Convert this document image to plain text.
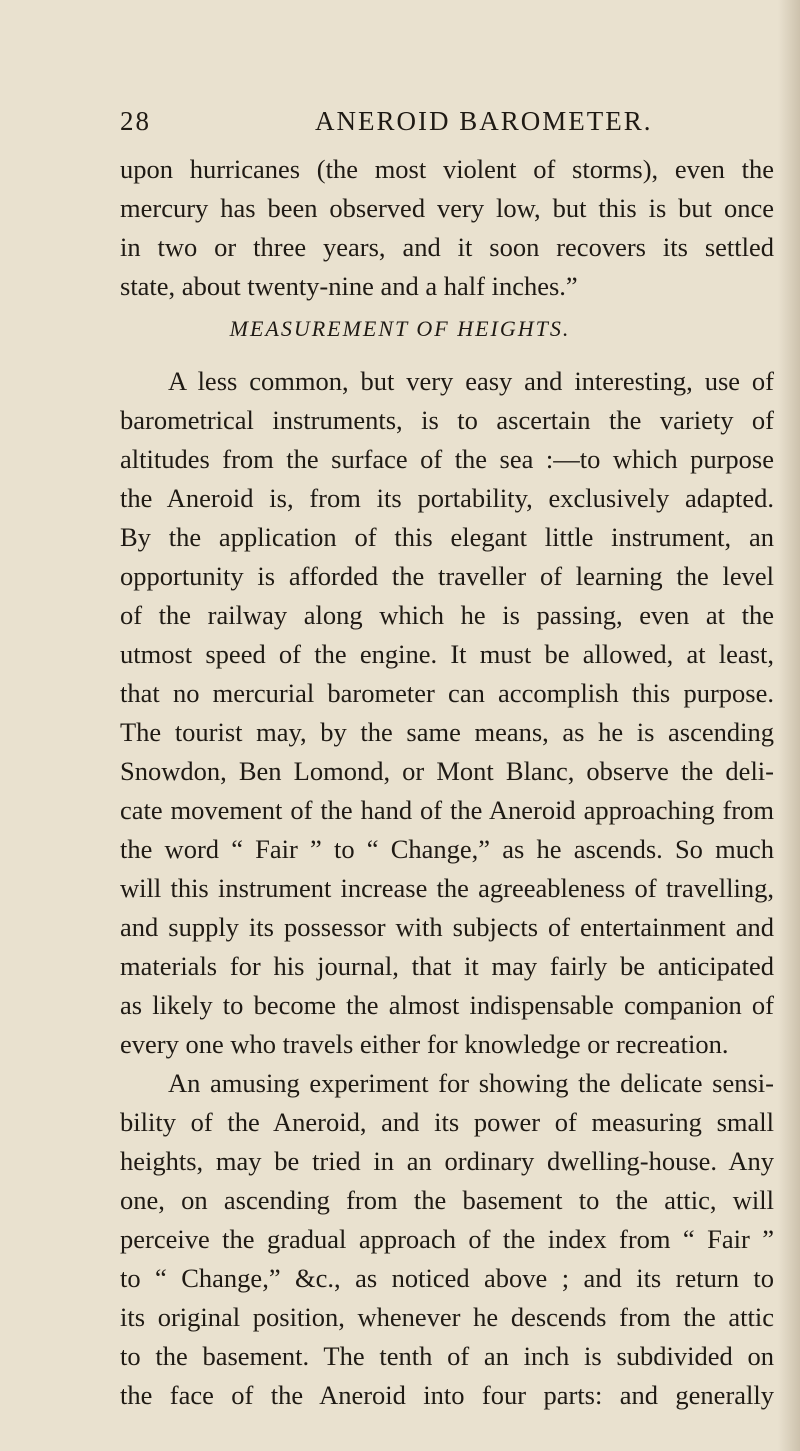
28	ANEROID BAROMETER.
upon hurricanes (the most violent of storms), even the
mercury has been observed very low, but this is but once
in two or three years, and it soon recovers its settled
state, about twenty-nine and a half inches.”
MEASUREMENT OF HEIGHTS.
A less common, but very easy and interesting, use of
barometrical instruments, is to ascertain the variety of
altitudes from the surface of the sea :—to which purpose
the Aneroid is, from its portability, exclusively adapted.
By the application of this elegant little instrument, an
opportunity is afforded the traveller of learning the level
of the railway along which he is passing, even at the
utmost speed of the engine. It must be allowed, at least,
that no mercurial barometer can accomplish this purpose.
The tourist may, by the same means, as he is ascending
Snowdon, Ben Lomond, or Mont Blanc, observe the deli-
cate movement of the hand of the Aneroid approaching from
the word “ Fair ” to “ Change,” as he ascends. So much
will this instrument increase the agreeableness of travelling,
and supply its possessor with subjects of entertainment and
materials for his journal, that it may fairly be anticipated
as likely to become the almost indispensable companion of
every one who travels either for knowledge or recreation.
An amusing experiment for showing the delicate sensi-
bility of the Aneroid, and its power of measuring small
heights, may be tried in an ordinary dwelling-house. Any
one, on ascending from the basement to the attic, will
perceive the gradual approach of the index from “ Fair ”
to “ Change,” &c., as noticed above ; and its return to
its original position, whenever he descends from the attic
to the basement. The tenth of an inch is subdivided on
the face of the Aneroid into four parts: and generally
